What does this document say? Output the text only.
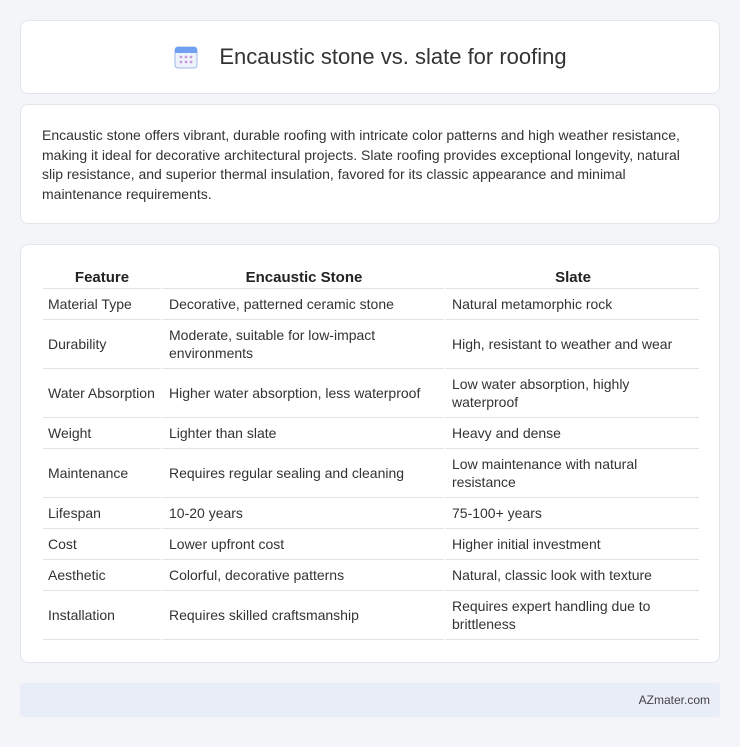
Encaustic stone vs. slate for roofing

Encaustic stone offers vibrant, durable roofing with intricate color patterns and high weather resistance, making it ideal for decorative architectural projects. Slate roofing provides exceptional longevity, natural slip resistance, and superior thermal insulation, favored for its classic appearance and minimal maintenance requirements.

Feature	Encaustic Stone	Slate
Material Type	Decorative, patterned ceramic stone	Natural metamorphic rock
Durability	Moderate, suitable for low-impact environments	High, resistant to weather and wear
Water Absorption	Higher water absorption, less waterproof	Low water absorption, highly waterproof
Weight	Lighter than slate	Heavy and dense
Maintenance	Requires regular sealing and cleaning	Low maintenance with natural resistance
Lifespan	10-20 years	75-100+ years
Cost	Lower upfront cost	Higher initial investment
Aesthetic	Colorful, decorative patterns	Natural, classic look with texture
Installation	Requires skilled craftsmanship	Requires expert handling due to brittleness
AZmater.com
